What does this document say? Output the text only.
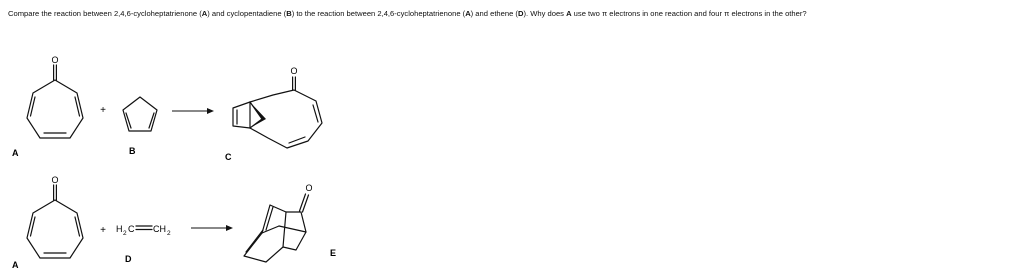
Compare the reaction between 2,4,6-cycloheptatrienone (A) and cyclopentadiene (B) to the reaction between 2,4,6-cycloheptatrienone (A) and ethene (D). Why does A use two π electrons in one reaction and four π electrons in the other?
O
A
+
B
O
C
O
A
+ H 2 C CH 2
D
O
E
